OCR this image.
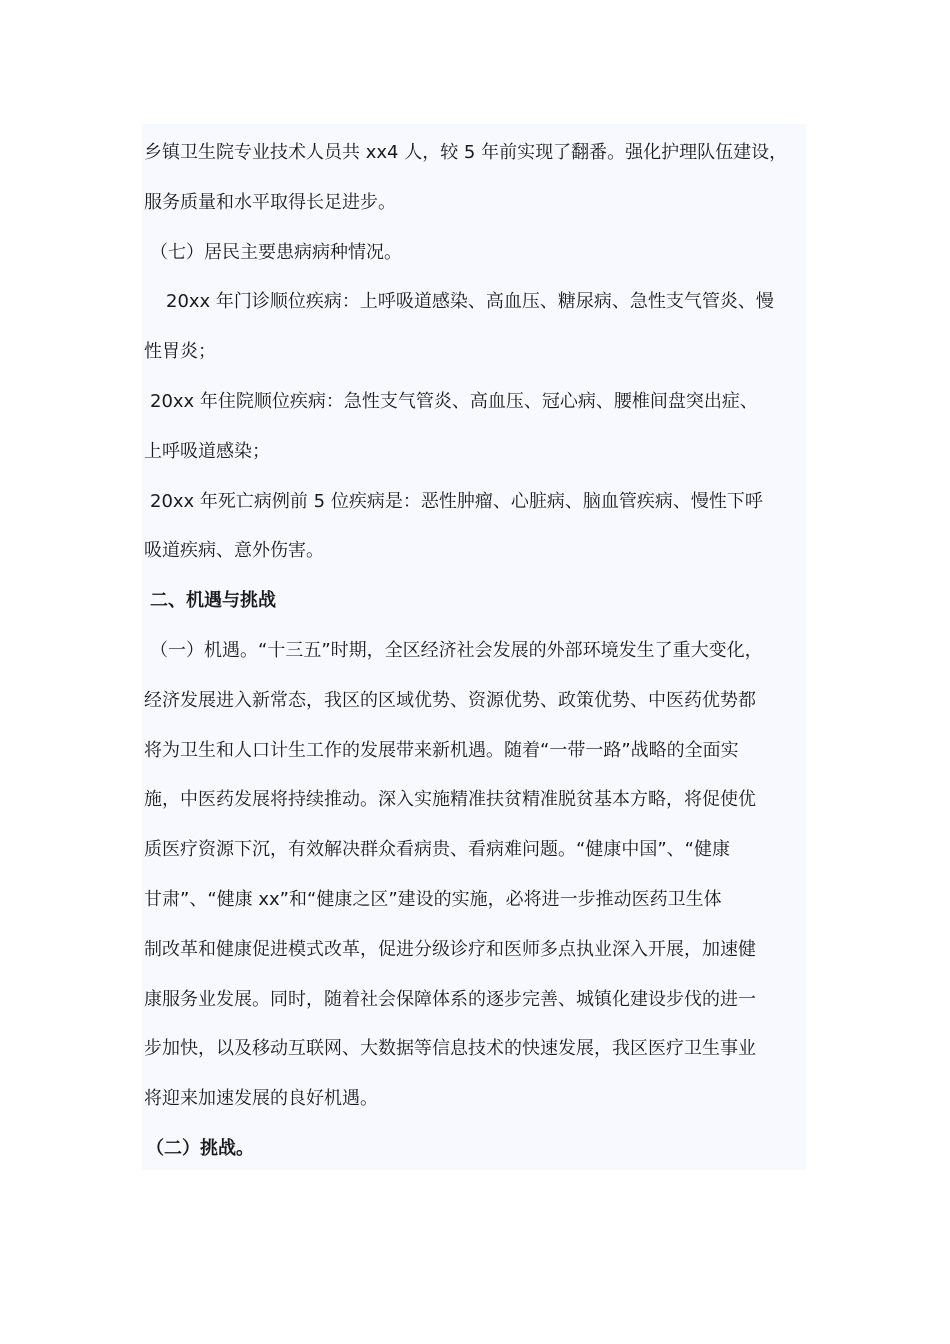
乡镇卫生院专业技术人员共 xx4 人，较 5 年前实现了翻番。强化护理队伍建设，
服务质量和水平取得长足进步。
（七）居民主要患病病种情况。
20xx 年门诊顺位疾病：上呼吸道感染、高血压、糖尿病、急性支气管炎、慢
性胃炎；
20xx 年住院顺位疾病：急性支气管炎、高血压、冠心病、腰椎间盘突出症、
上呼吸道感染；
20xx 年死亡病例前 5 位疾病是：恶性肿瘤、心脏病、脑血管疾病、慢性下呼
吸道疾病、意外伤害。
二、机遇与挑战
（一）机遇。“十三五”时期，全区经济社会发展的外部环境发生了重大变化，
经济发展进入新常态，我区的区域优势、资源优势、政策优势、中医药优势都
将为卫生和人口计生工作的发展带来新机遇。随着“一带一路”战略的全面实
施，中医药发展将持续推动。深入实施精准扶贫精准脱贫基本方略，将促使优
质医疗资源下沉，有效解决群众看病贵、看病难问题。“健康中国”、“健康
甘肃”、“健康 xx”和“健康之区”建设的实施，必将进一步推动医药卫生体
制改革和健康促进模式改革，促进分级诊疗和医师多点执业深入开展，加速健
康服务业发展。同时，随着社会保障体系的逐步完善、城镇化建设步伐的进一
步加快，以及移动互联网、大数据等信息技术的快速发展，我区医疗卫生事业
将迎来加速发展的良好机遇。
（二）挑战。
